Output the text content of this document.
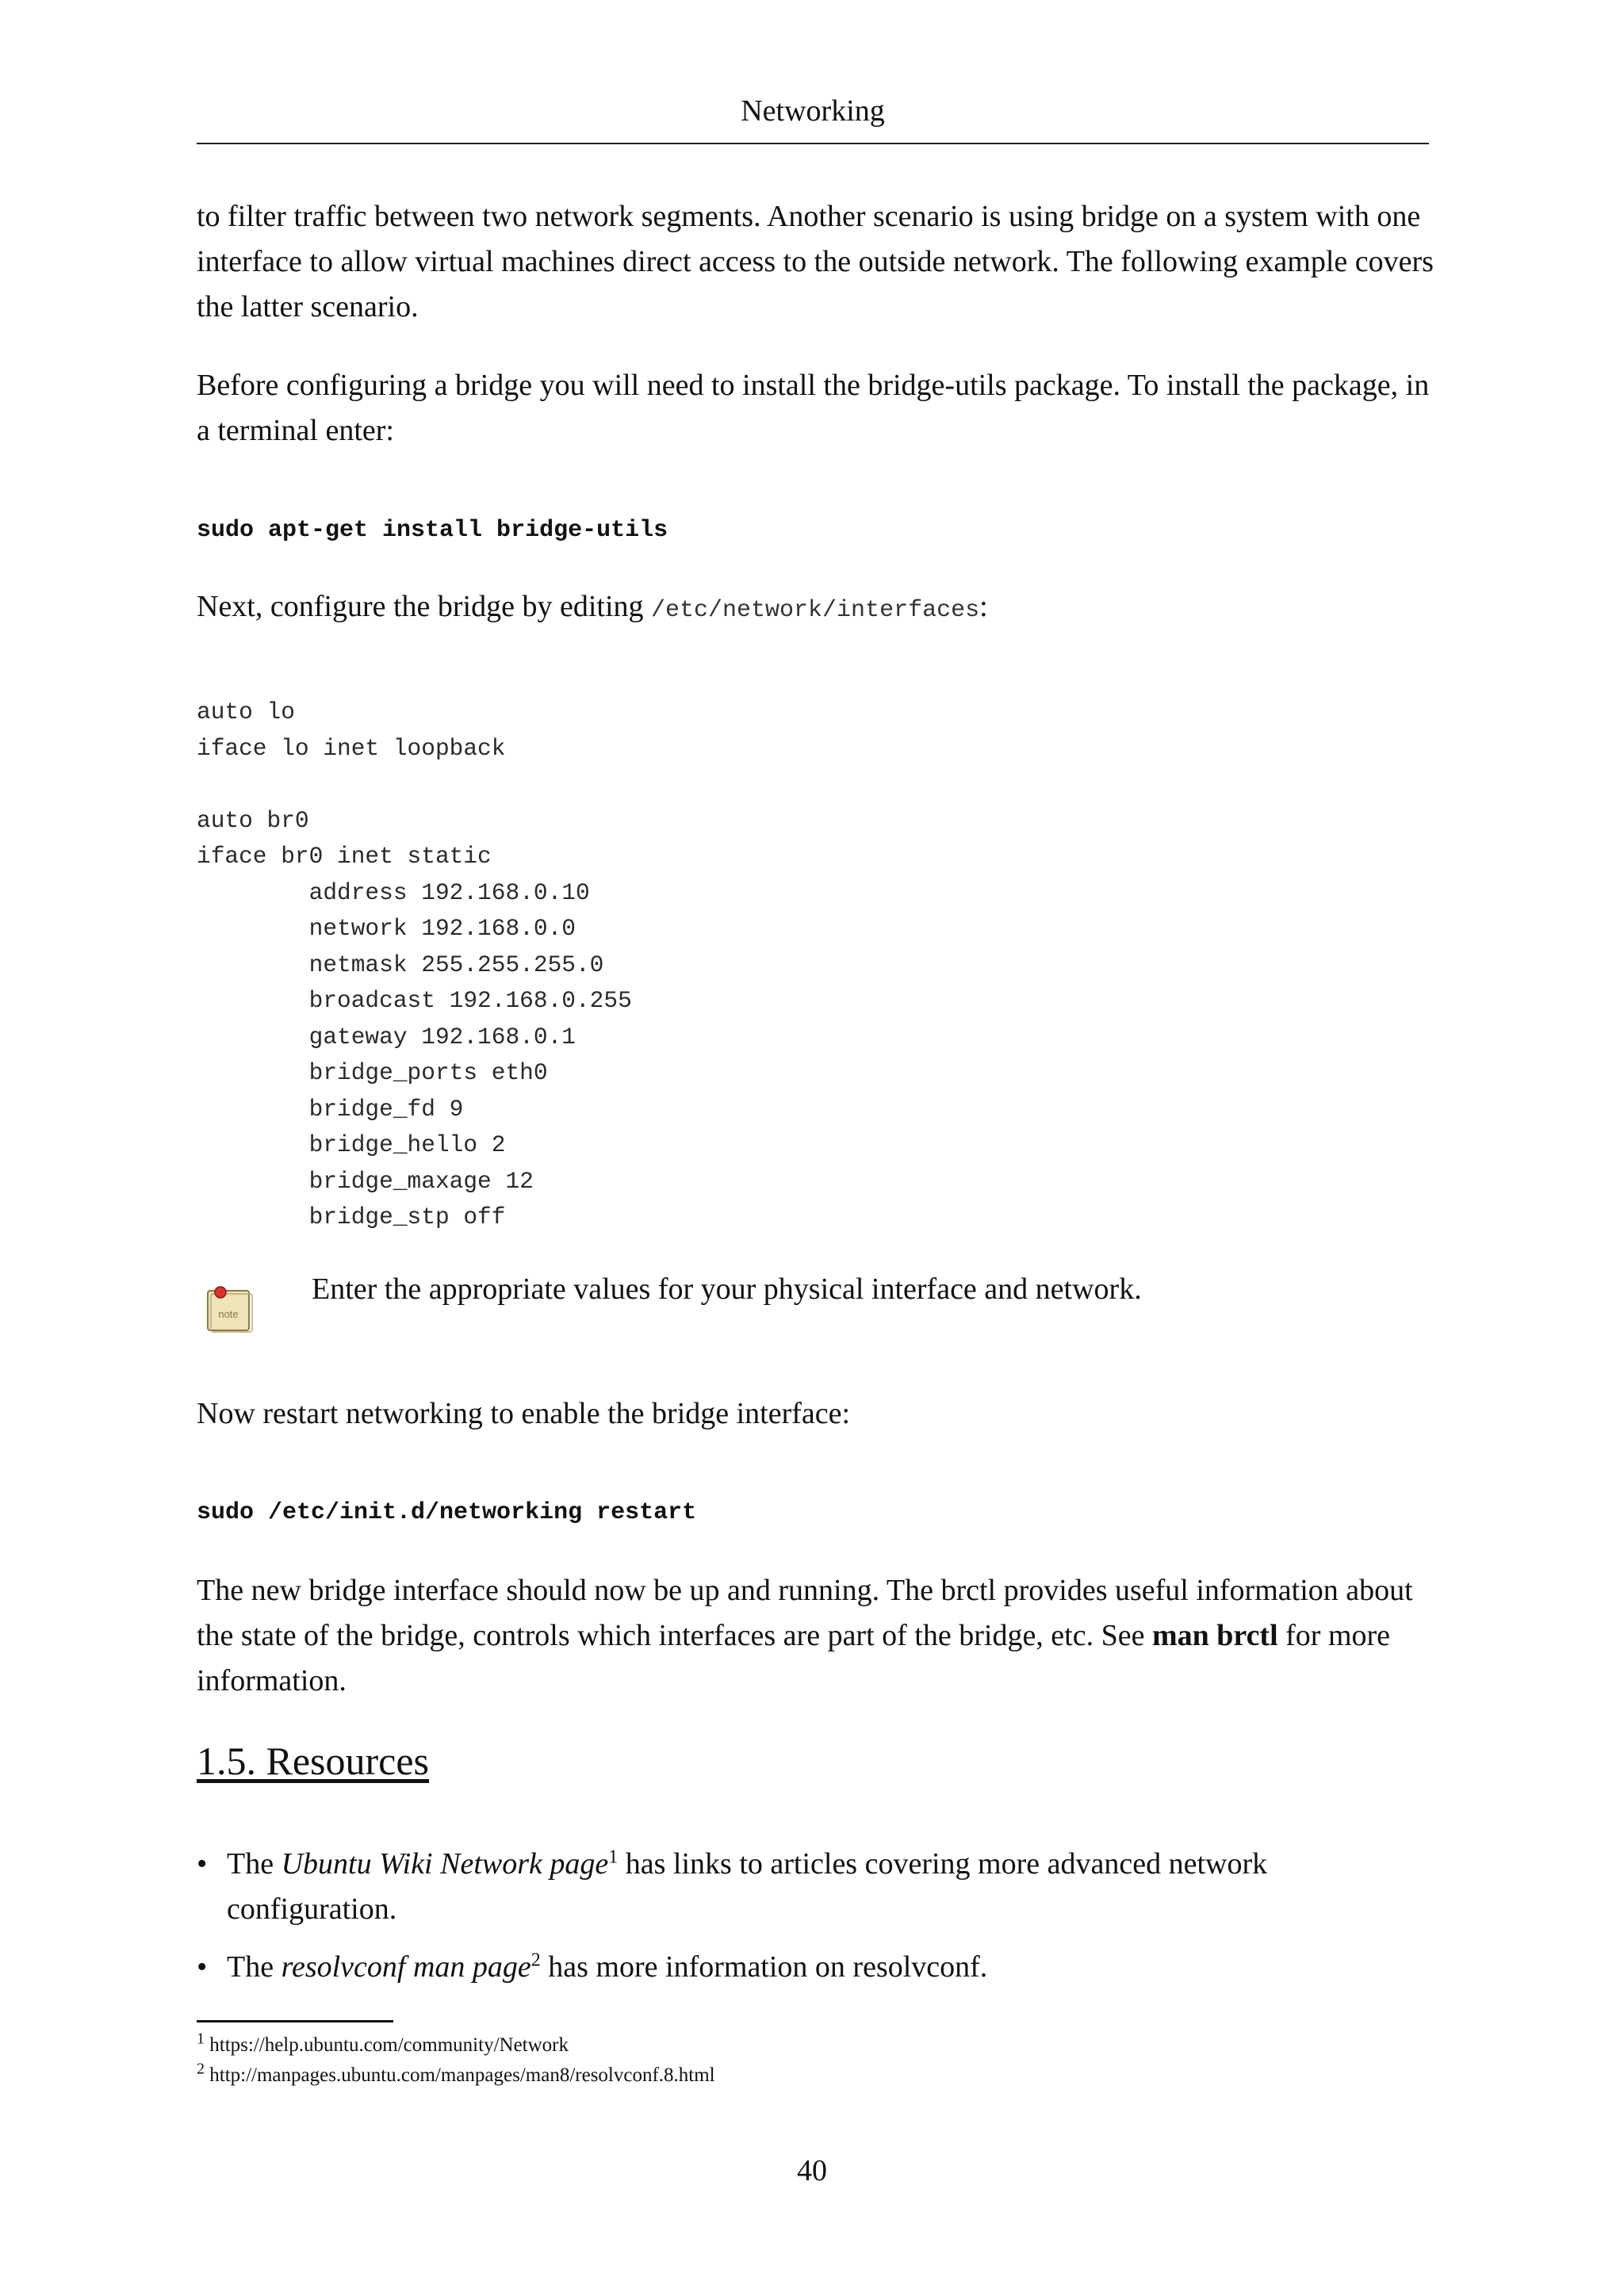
Networking

to filter traffic between two network segments. Another scenario is using bridge on a system with one interface to allow virtual machines direct access to the outside network. The following example covers the latter scenario.

Before configuring a bridge you will need to install the bridge-utils package. To install the package, in a terminal enter:

sudo apt-get install bridge-utils

Next, configure the bridge by editing /etc/network/interfaces:

auto lo
iface lo inet loopback

auto br0
iface br0 inet static
address 192.168.0.10
network 192.168.0.0
netmask 255.255.255.0
broadcast 192.168.0.255
gateway 192.168.0.1
bridge_ports eth0
bridge_fd 9
bridge_hello 2
bridge_maxage 12
bridge_stp off

note
Enter the appropriate values for your physical interface and network.

Now restart networking to enable the bridge interface:

sudo /etc/init.d/networking restart

The new bridge interface should now be up and running. The brctl provides useful information about the state of the bridge, controls which interfaces are part of the bridge, etc. See man brctl for more information.

1.5. Resources
• The Ubuntu Wiki Network page$^1$ has links to articles covering more advanced network configuration.
• The resolvconf man page$^2$ has more information on resolvconf.
$^1$ https://help.ubuntu.com/community/Network
$^2$ http://manpages.ubuntu.com/manpages/man8/resolvconf.8.html
40
